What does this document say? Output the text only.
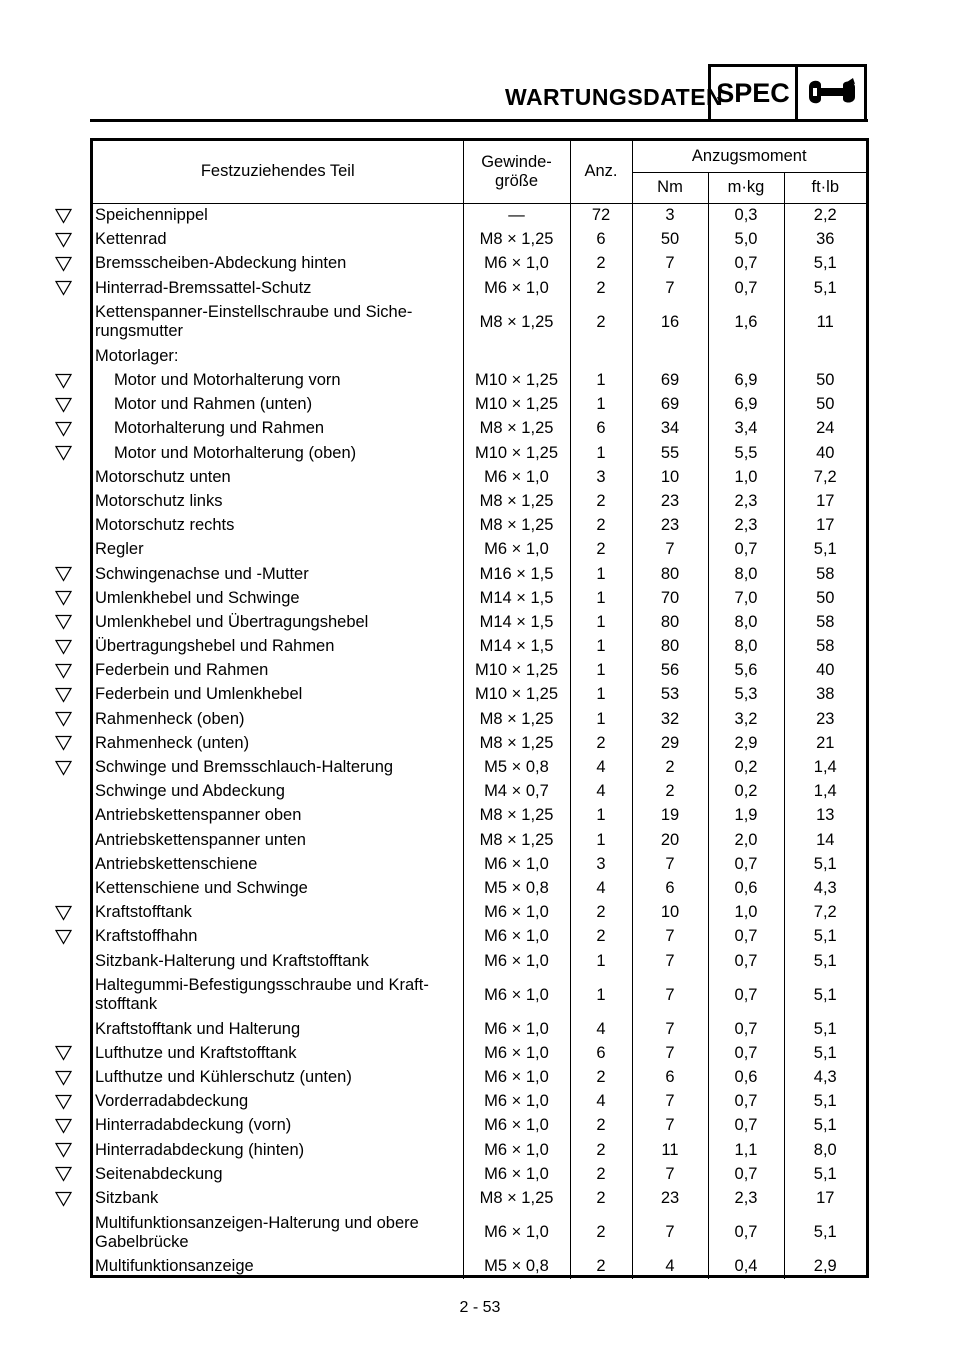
WARTUNGSDATEN
SPEC
Festzuziehendes Teil	Gewinde-
größe	Anz.	Anzugsmoment		
			Nm	m·kg	ft·lb

Speichennippel	—	72	3	0,3	2,2

Kettenrad	M8 × 1,25	6	50	5,0	36

Bremsscheiben-Abdeckung hinten	M6 × 1,0	2	7	0,7	5,1

Hinterrad-Bremssattel-Schutz	M6 × 1,0	2	7	0,7	5,1
Kettenspanner-Einstellschraube und Siche-
rungsmutter	M8 × 1,25	2	16	1,6	11
Motorlager:					

Motor und Motorhalterung vorn	M10 × 1,25	1	69	6,9	50

Motor und Rahmen (unten)	M10 × 1,25	1	69	6,9	50

Motorhalterung und Rahmen	M8 × 1,25	6	34	3,4	24

Motor und Motorhalterung (oben)	M10 × 1,25	1	55	5,5	40
Motorschutz unten	M6 × 1,0	3	10	1,0	7,2
Motorschutz links	M8 × 1,25	2	23	2,3	17
Motorschutz rechts	M8 × 1,25	2	23	2,3	17
Regler	M6 × 1,0	2	7	0,7	5,1

Schwingenachse und -Mutter	M16 × 1,5	1	80	8,0	58

Umlenkhebel und Schwinge	M14 × 1,5	1	70	7,0	50

Umlenkhebel und Übertragungshebel	M14 × 1,5	1	80	8,0	58

Übertragungshebel und Rahmen	M14 × 1,5	1	80	8,0	58

Federbein und Rahmen	M10 × 1,25	1	56	5,6	40

Federbein und Umlenkhebel	M10 × 1,25	1	53	5,3	38

Rahmenheck (oben)	M8 × 1,25	1	32	3,2	23

Rahmenheck (unten)	M8 × 1,25	2	29	2,9	21

Schwinge und Bremsschlauch-Halterung	M5 × 0,8	4	2	0,2	1,4
Schwinge und Abdeckung	M4 × 0,7	4	2	0,2	1,4
Antriebskettenspanner oben	M8 × 1,25	1	19	1,9	13
Antriebskettenspanner unten	M8 × 1,25	1	20	2,0	14
Antriebskettenschiene	M6 × 1,0	3	7	0,7	5,1
Kettenschiene und Schwinge	M5 × 0,8	4	6	0,6	4,3

Kraftstofftank	M6 × 1,0	2	10	1,0	7,2

Kraftstoffhahn	M6 × 1,0	2	7	0,7	5,1
Sitzbank-Halterung und Kraftstofftank	M6 × 1,0	1	7	0,7	5,1
Haltegummi-Befestigungsschraube und Kraft-
stofftank	M6 × 1,0	1	7	0,7	5,1
Kraftstofftank und Halterung	M6 × 1,0	4	7	0,7	5,1

Lufthutze und Kraftstofftank	M6 × 1,0	6	7	0,7	5,1

Lufthutze und Kühlerschutz (unten)	M6 × 1,0	2	6	0,6	4,3

Vorderradabdeckung	M6 × 1,0	4	7	0,7	5,1

Hinterradabdeckung (vorn)	M6 × 1,0	2	7	0,7	5,1

Hinterradabdeckung (hinten)	M6 × 1,0	2	11	1,1	8,0

Seitenabdeckung	M6 × 1,0	2	7	0,7	5,1

Sitzbank	M8 × 1,25	2	23	2,3	17
Multifunktionsanzeigen-Halterung und obere
Gabelbrücke	M6 × 1,0	2	7	0,7	5,1
Multifunktionsanzeige	M5 × 0,8	2	4	0,4	2,9
2 - 53
